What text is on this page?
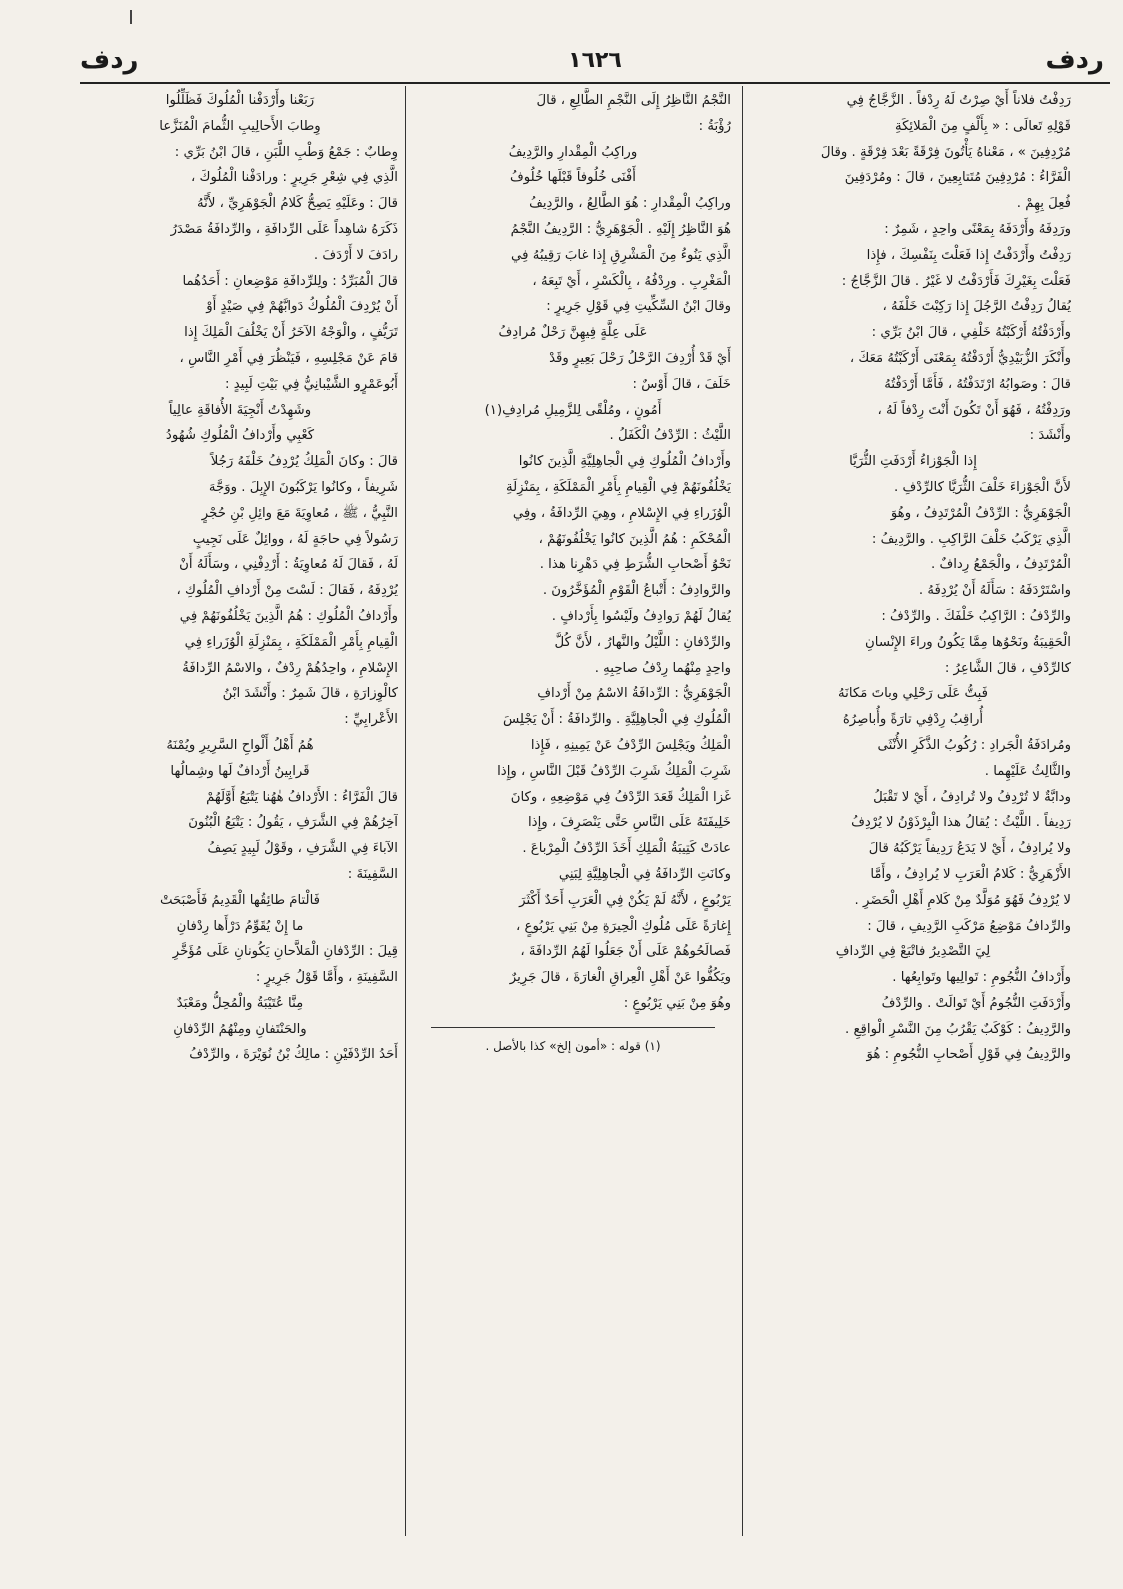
ردف
١٦٢٦
ردف

رَدِفْتُ فلاناً أَيْ صِرْتُ لَهُ رِدْفاً . الزَّجَّاجُ فِي

قَوْلِهِ تَعالَى : « بِأَلْفٍ مِنَ الْمَلائِكَةِ

مُرْدِفِينَ » ، مَعْناهُ يَأْتُونَ فِرْقَةً بَعْدَ فِرْقَةٍ . وقالَ

الْفَرَّاءُ : مُرْدِفِينَ مُتَتابِعِينَ ، قالَ : ومُرْدَفِينَ

فُعِلَ بِهِمْ .

ورَدِفَهُ وأَرْدَفَهُ بِمَعْنًى واحِدٍ ، شَمِرٌ :

رَدِفْتُ وأَرْدَفْتُ إِذا فَعَلْتَ بِنَفْسِكَ ، فإِذا

فَعَلْتَ بِغَيْرِكَ فَأَرْدَفْتُ لا غَيْرُ . قالَ الزَّجَّاجُ :

يُقالُ رَدِفْتُ الرَّجُلَ إِذا رَكِبْتَ خَلْفَهُ ،

وأَرْدَفْتُهُ أَرْكَبْتُهُ خَلْفِي ، قالَ ابْنُ بَرِّي :

وأَنْكَرَ الزُّبَيْدِيُّ أَرْدَفْتُهُ بِمَعْنَى أَرْكَبْتُهُ مَعَكَ ،

قالَ : وصَوابُهُ ارْتَدَفْتُهُ ، فَأَمَّا أَرْدَفْتُهُ

ورَدِفْتُهُ ، فَهُوَ أَنْ تَكُونَ أَنْتَ رِدْفاً لَهُ ،

وأَنْشَدَ :

إِذا الْجَوْزاءُ أَرْدَفَتِ الثُّرَيَّا

لأَنَّ الْجَوْزاءَ خَلْفَ الثُّرَيَّا كالرِّدْفِ .

الْجَوْهَرِيُّ : الرِّدْفُ الْمُرْتَدِفُ ، وهُوَ

الَّذِي يَرْكَبُ خَلْفَ الرَّاكِبِ . والرَّدِيفُ :

الْمُرْتَدِفُ ، والْجَمْعُ رِدافٌ .

واسْتَرْدَفَهُ : سَأَلَهُ أَنْ يُرْدِفَهُ .

والرِّدْفُ : الرَّاكِبُ خَلْفَكَ . والرِّدْفُ :

الْحَقِيبَةُ ونَحْوُها مِمَّا يَكُونُ وراءَ الإِنْسانِ

كالرِّدْفِ ، قالَ الشَّاعِرُ :

فَبِتُّ عَلَى رَحْلِي وباتَ مَكانَهُ

أُراقِبُ رِدْفِي تارَةً وأُباصِرُهُ

ومُرادَفَةُ الْجَرادِ : رُكُوبُ الذَّكَرِ الأُنْثَى

والثَّالِثُ عَلَيْهِما .

ودابَّةٌ لا تُرْدِفُ ولا تُرادِفُ ، أَيْ لا تَقْبَلُ

رَدِيفاً . اللَّيْثُ : يُقالُ هذا الْبِرْذَوْنُ لا يُرْدِفُ

ولا يُرادِفُ ، أَيْ لا يَدَعُ رَدِيفاً يَرْكَبُهُ قالَ

الأَزْهَرِيُّ : كَلامُ الْعَرَبِ لا يُرادِفُ ، وأَمَّا

لا يُرْدِفُ فَهُوَ مُوَلَّدٌ مِنْ كَلامِ أَهْلِ الْحَضَرِ .

والرِّدافُ مَوْضِعُ مَرْكَبِ الرَّدِيفِ ، قالَ :

لِيَ التَّصْدِيرُ فاتْبَعْ فِي الرِّدافِ

وأَرْدافُ النُّجُومِ : تَوالِيها وتَوابِعُها .

وأَرْدَفَتِ النُّجُومُ أَيْ تَوالَتْ . والرِّدْفُ

والرَّدِيفُ : كَوْكَبٌ يَقْرُبُ مِنَ النَّسْرِ الْواقِعِ .

والرَّدِيفُ فِي قَوْلِ أَصْحابِ النُّجُومِ : هُوَ

النَّجْمُ النَّاظِرُ إِلَى النَّجْمِ الطَّالِعِ ، قالَ

رُؤْبَةُ :

وراكِبُ الْمِقْدارِ والرَّدِيفُ

أَفْنَى خُلُوفاً قَبْلَها خُلُوفُ

وراكِبُ الْمِقْدارِ : هُوَ الطَّالِعُ ، والرَّدِيفُ

هُوَ النَّاظِرُ إِلَيْهِ . الْجَوْهَرِيُّ : الرَّدِيفُ النَّجْمُ

الَّذِي يَنُوءُ مِنَ الْمَشْرِقِ إِذا غابَ رَقِيبُهُ فِي

الْمَغْرِبِ . ورِدْفُهُ ، بِالْكَسْرِ ، أَيْ تَبِعَهُ ،

وقالَ ابْنُ السِّكِّيتِ فِي قَوْلِ جَرِيرٍ :

عَلَى عِلَّةٍ فِيهِنَّ رَحْلٌ مُرادِفُ

أَيْ قَدْ أُرْدِفَ الرَّحْلُ رَحْلَ بَعِيرٍ وقَدْ

خَلَفَ ، قالَ أَوْسٌ :

أَمُونٍ ، ومُلْقًى لِلزَّمِيلِ مُرادِفِ(١)

اللَّيْثُ : الرِّدْفُ الْكَفَلُ .

وأَرْدافُ الْمُلُوكِ فِي الْجاهِلِيَّةِ الَّذِينَ كانُوا

يَخْلُفُونَهُمْ فِي الْقِيامِ بِأَمْرِ الْمَمْلَكَةِ ، بِمَنْزِلَةِ

الْوُزَراءِ فِي الإِسْلامِ ، وهِيَ الرِّدافَةُ ، وفِي

الْمُحْكَمِ : هُمُ الَّذِينَ كانُوا يَخْلُفُونَهُمْ ،

نَحْوُ أَصْحابِ الشُّرَطِ فِي دَهْرِنا هذا .

والرَّوادِفُ : أَتْباعُ الْقَوْمِ الْمُؤَخَّرُونَ .

يُقالُ لَهُمْ رَوادِفُ ولَيْسُوا بِأَرْدافٍ .

والرِّدْفانِ : اللَّيْلُ والنَّهارُ ، لأَنَّ كُلَّ

واحِدٍ مِنْهُما رِدْفُ صاحِبِهِ .

الْجَوْهَرِيُّ : الرِّدافَةُ الاسْمُ مِنْ أَرْدافِ

الْمُلُوكِ فِي الْجاهِلِيَّةِ . والرِّدافَةُ : أَنْ يَجْلِسَ

الْمَلِكُ ويَجْلِسَ الرِّدْفُ عَنْ يَمِينِهِ ، فَإِذا

شَرِبَ الْمَلِكُ شَرِبَ الرِّدْفُ قَبْلَ النَّاسِ ، وإِذا

غَزا الْمَلِكُ قَعَدَ الرِّدْفُ فِي مَوْضِعِهِ ، وكانَ

خَلِيفَتَهُ عَلَى النَّاسِ حَتَّى يَنْصَرِفَ ، وإِذا

عادَتْ كَتِيبَةُ الْمَلِكِ أَخَذَ الرِّدْفُ الْمِرْباعَ .

وكانَتِ الرِّدافَةُ فِي الْجاهِلِيَّةِ لِبَنِي

يَرْبُوعٍ ، لأَنَّهُ لَمْ يَكُنْ فِي الْعَرَبِ أَحَدٌ أَكْثَرَ

إِغارَةً عَلَى مُلُوكِ الْحِيرَةِ مِنْ بَنِي يَرْبُوعٍ ،

فَصالَحُوهُمْ عَلَى أَنْ جَعَلُوا لَهُمُ الرِّدافَةَ ،

ويَكُفُّوا عَنْ أَهْلِ الْعِراقِ الْغارَةَ ، قالَ جَرِيرٌ

وهُوَ مِنْ بَنِي يَرْبُوعٍ :

(١) قوله : «أمون إلخ» كذا بالأصل .

رَبَعْنا وأَرْدَفْنا الْمُلُوكَ فَظَلِّلُوا

وِطابَ الأَحالِيبِ الثُّمامَ الْمُنَزَّعا

وِطابٌ : جَمْعُ وَطْبِ اللَّبَنِ ، قالَ ابْنُ بَرِّي :

الَّذِي فِي شِعْرِ جَرِيرٍ : ورادَفْنا الْمُلُوكَ ،

قالَ : وعَلَيْهِ يَصِحُّ كَلامُ الْجَوْهَرِيِّ ، لأَنَّهُ

ذَكَرَهُ شاهِداً عَلَى الرِّدافَةِ ، والرِّدافَةُ مَصْدَرُ

رادَفَ لا أَرْدَفَ .

قالَ الْمُبَرِّدُ : ولِلرِّدافَةِ مَوْضِعانِ : أَحَدُهُما

أَنْ يُرْدِفَ الْمُلُوكُ دَوابَّهُمْ فِي صَيْدٍ أَوْ

تَرَيُّفٍ ، والْوَجْهُ الآخَرُ أَنْ يَخْلُفَ الْمَلِكَ إِذا

قامَ عَنْ مَجْلِسِهِ ، فَيَنْظُرَ فِي أَمْرِ النَّاسِ ،

أَبُوعَمْرٍو الشَّيْبانِيُّ فِي بَيْتِ لَبِيدٍ :

وشَهِدْتُ أَنْجِيَةَ الأُفاقَةِ عالِياً

كَعْبِي وأَرْدافُ الْمُلُوكِ شُهُودُ

قالَ : وكانَ الْمَلِكُ يُرْدِفُ خَلْفَهُ رَجُلاً

شَرِيفاً ، وكانُوا يَرْكَبُونَ الإِبِلَ . ووَجَّهَ

النَّبِيُّ ، ﷺ ، مُعاوِيَةَ مَعَ وائِلِ بْنِ حُجْرٍ

رَسُولاً فِي حاجَةٍ لَهُ ، ووائِلٌ عَلَى نَجِيبٍ

لَهُ ، فَقالَ لَهُ مُعاوِيَةُ : أَرْدِفْنِي ، وسَأَلَهُ أَنْ

يُرْدِفَهُ ، فَقالَ : لَسْتَ مِنْ أَرْدافِ الْمُلُوكِ ،

وأَرْدافُ الْمُلُوكِ : هُمُ الَّذِينَ يَخْلُفُونَهُمْ فِي

الْقِيامِ بِأَمْرِ الْمَمْلَكَةِ ، بِمَنْزِلَةِ الْوُزَراءِ فِي

الإِسْلامِ ، واحِدُهُمْ رِدْفٌ ، والاسْمُ الرِّدافَةُ

كالْوِزارَةِ ، قالَ شَمِرٌ : وأَنْشَدَ ابْنُ

الأَعْرابِيِّ :

هُمُ أَهْلُ أَلْواحِ السَّرِيرِ ويُمْنَهُ

قَرابِينُ أَرْدافٌ لَها وشِمالُها

قالَ الْفَرَّاءُ : الأَرْدافُ هٰهُنا يَتْبَعُ أَوَّلَهُمْ

آخِرُهُمْ فِي الشَّرَفِ ، يَقُولُ : يَتْبَعُ الْبُنُونَ

الآباءَ فِي الشَّرَفِ ، وقَوْلُ لَبِيدٍ يَصِفُ

السَّفِينَةَ :

فَالْتامَ طائِقُها الْقَدِيمُ فَأَصْبَحَتْ

ما إِنْ يُقَوِّمُ دَرْأَها رِدْفانِ

قِيلَ : الرِّدْفانِ الْمَلاَّحانِ يَكُونانِ عَلَى مُؤَخَّرِ

السَّفِينَةِ ، وأَمَّا قَوْلُ جَرِيرٍ :

مِنَّا عُتَيْبَةُ والْمُحِلُّ ومَعْبَدٌ

والحَنْتَفانِ ومِنْهُمُ الرِّدْفانِ

أَحَدُ الرِّدْفَيْنِ : مالِكُ بْنُ نُوَيْرَةَ ، والرِّدْفُ
